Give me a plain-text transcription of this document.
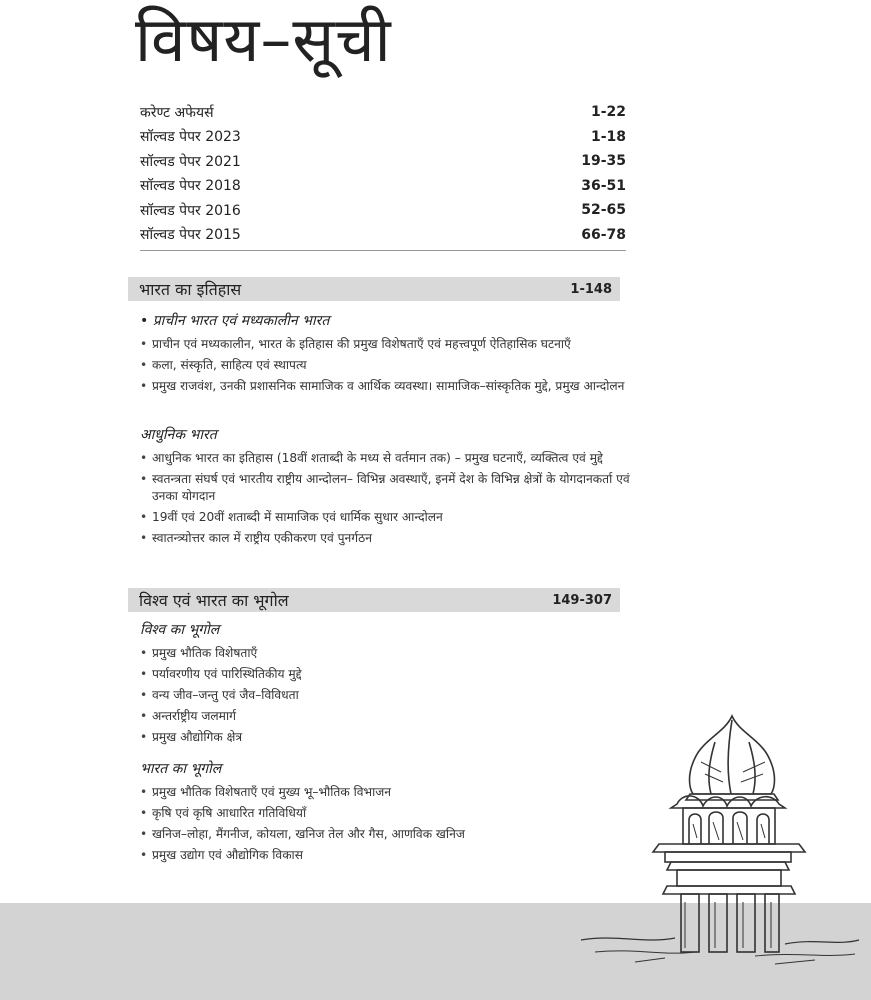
विषय–सूची
करेण्ट अफेयर्स	1-22
सॉल्वड पेपर 2023	1-18
सॉल्वड पेपर 2021	19-35
सॉल्वड पेपर 2018	36-51
सॉल्वड पेपर 2016	52-65
सॉल्वड पेपर 2015	66-78
भारत का इतिहास	1-148
• प्राचीन भारत एवं मध्यकालीन भारत
• प्राचीन एवं मध्यकालीन, भारत के इतिहास की प्रमुख विशेषताएँ एवं महत्त्वपूर्ण ऐतिहासिक घटनाएँ
• कला, संस्कृति, साहित्य एवं स्थापत्य
• प्रमुख राजवंश, उनकी प्रशासनिक सामाजिक व आर्थिक व्यवस्था। सामाजिक–सांस्कृतिक मुद्दे, प्रमुख आन्दोलन
आधुनिक भारत
• आधुनिक भारत का इतिहास (18वीं शताब्दी के मध्य से वर्तमान तक) – प्रमुख घटनाएँ, व्यक्तित्व एवं मुद्दे
• स्वतन्त्रता संघर्ष एवं भारतीय राष्ट्रीय आन्दोलन– विभिन्न अवस्थाएँ, इनमें देश के विभिन्न क्षेत्रों के योगदानकर्ता एवं उनका योगदान
• 19वीं एवं 20वीं शताब्दी में सामाजिक एवं धार्मिक सुधार आन्दोलन
• स्वातन्त्र्योत्तर काल में राष्ट्रीय एकीकरण एवं पुनर्गठन
विश्व एवं भारत का भूगोल	149-307
विश्व का भूगोल
• प्रमुख भौतिक विशेषताएँ
• पर्यावरणीय एवं पारिस्थितिकीय मुद्दे
• वन्य जीव–जन्तु एवं जैव–विविधता
• अन्तर्राष्ट्रीय जलमार्ग
• प्रमुख औद्योगिक क्षेत्र
भारत का भूगोल
• प्रमुख भौतिक विशेषताएँ एवं मुख्य भू–भौतिक विभाजन
• कृषि एवं कृषि आधारित गतिविधियाँ
• खनिज–लोहा, मैंगनीज, कोयला, खनिज तेल और गैस, आणविक खनिज
• प्रमुख उद्योग एवं औद्योगिक विकास
